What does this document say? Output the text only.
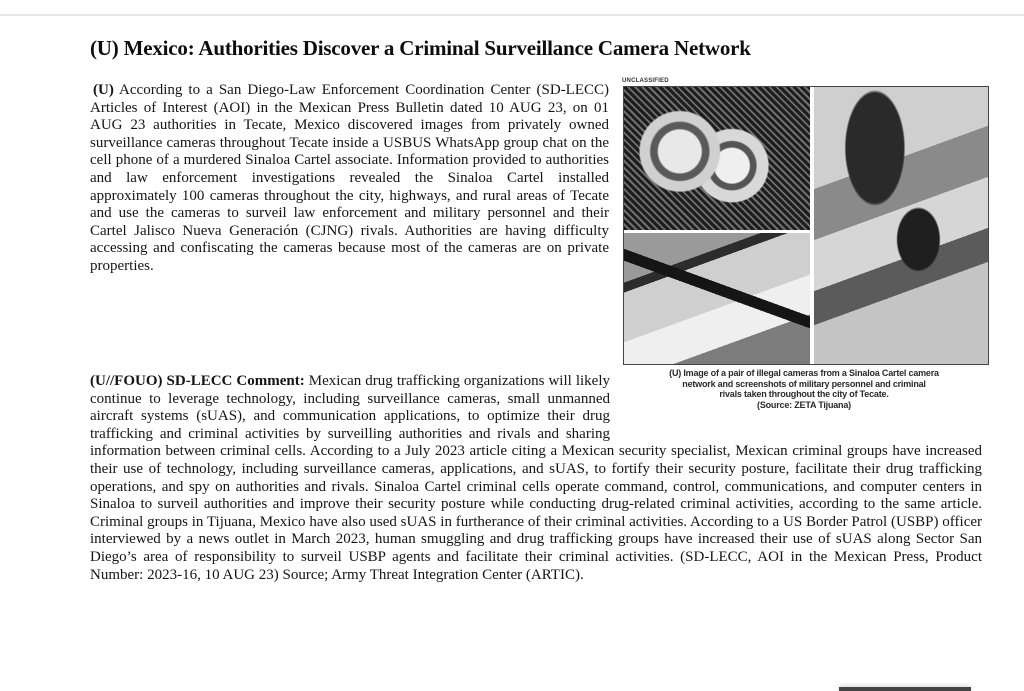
(U) Mexico: Authorities Discover a Criminal Surveillance Camera Network

(U) According to a San Diego-Law Enforcement Coordination Center (SD-LECC) Articles of Interest (AOI) in the Mexican Press Bulletin dated 10 AUG 23, on 01 AUG 23 authorities in Tecate, Mexico discovered images from privately owned surveillance cameras throughout Tecate inside a USBUS WhatsApp group chat on the cell phone of a murdered Sinaloa Cartel associate. Information provided to authorities and law enforcement investigations revealed the Sinaloa Cartel installed approximately 100 cameras throughout the city, highways, and rural areas of Tecate and use the cameras to surveil law enforcement and military personnel and their Cartel Jalisco Nueva Generación (CJNG) rivals. Authorities are having difficulty accessing and confiscating the cameras because most of the cameras are on private properties.

UNCLASSIFIED
(U) Image of a pair of illegal cameras from a Sinaloa Cartel camera
network and screenshots of military personnel and criminal
rivals taken throughout the city of Tecate.
(Source: ZETA Tijuana)

(U//FOUO) SD-LECC Comment: Mexican drug trafficking organizations will likely continue to leverage technology, including surveillance cameras, small unmanned aircraft systems (sUAS), and communication applications, to optimize their drug trafficking and criminal activities by surveilling authorities and rivals and sharing information between criminal cells. According to a July 2023 article citing a Mexican security specialist, Mexican criminal groups have increased their use of technology, including surveillance cameras, applications, and sUAS, to fortify their security posture, facilitate their drug trafficking operations, and spy on authorities and rivals. Sinaloa Cartel criminal cells operate command, control, communications, and computer centers in Sinaloa to surveil authorities and improve their security posture while conducting drug-related criminal activities, according to the same article. Criminal groups in Tijuana, Mexico have also used sUAS in furtherance of their criminal activities. According to a US Border Patrol (USBP) officer interviewed by a news outlet in March 2023, human smuggling and drug trafficking groups have increased their use of sUAS along Sector San Diego’s area of responsibility to surveil USBP agents and facilitate their criminal activities. (SD-LECC, AOI in the Mexican Press, Product Number: 2023-16, 10 AUG 23) Source; Army Threat Integration Center (ARTIC).
